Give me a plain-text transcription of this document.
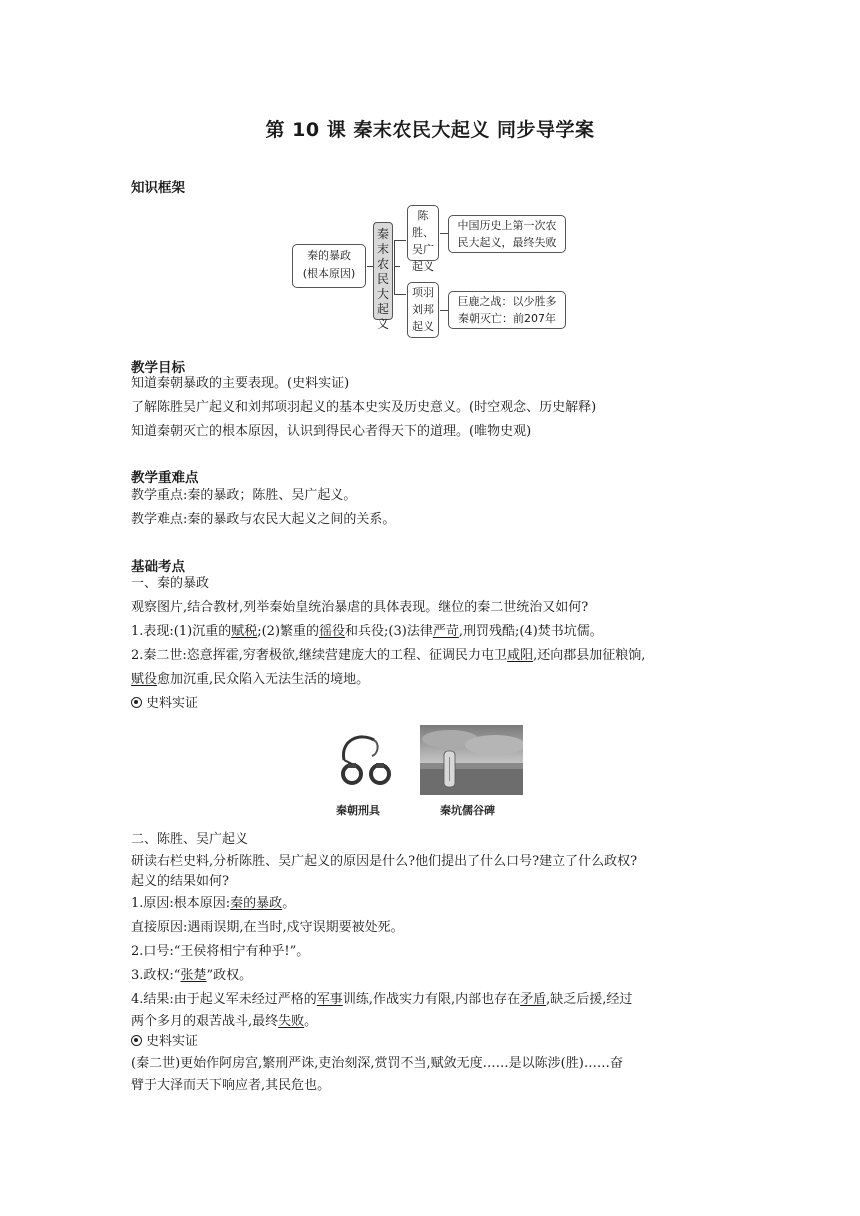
第 10 课 秦末农民大起义 同步导学案
知识框架
秦的暴政
(根本原因)
秦末农民大起义
陈胜、
吴广
起义
中国历史上第一次农
民大起义，最终失败
项羽
刘邦
起义
巨鹿之战：以少胜多
秦朝灭亡：前207年
教学目标
知道秦朝暴政的主要表现。(史料实证)
了解陈胜吴广起义和刘邦项羽起义的基本史实及历史意义。(时空观念、历史解释)
知道秦朝灭亡的根本原因，认识到得民心者得天下的道理。(唯物史观)
教学重难点
教学重点:秦的暴政；陈胜、吴广起义。
教学难点:秦的暴政与农民大起义之间的关系。
基础考点
一、秦的暴政
观察图片,结合教材,列举秦始皇统治暴虐的具体表现。继位的秦二世统治又如何?
1.表现:(1)沉重的赋税;(2)繁重的徭役和兵役;(3)法律严苛,刑罚残酷;(4)焚书坑儒。
2.秦二世:恣意挥霍,穷奢极欲,继续营建庞大的工程、征调民力屯卫咸阳,还向郡县加征粮饷,
赋役愈加沉重,民众陷入无法生活的境地。
史料实证
秦朝刑具	秦坑儒谷碑
二、陈胜、吴广起义
研读右栏史料,分析陈胜、吴广起义的原因是什么?他们提出了什么口号?建立了什么政权?
起义的结果如何?
1.原因:根本原因:秦的暴政。
直接原因:遇雨误期,在当时,戍守误期要被处死。
2.口号:“王侯将相宁有种乎!”。
3.政权:“张楚”政权。
4.结果:由于起义军未经过严格的军事训练,作战实力有限,内部也存在矛盾,缺乏后援,经过
两个多月的艰苦战斗,最终失败。
史料实证
(秦二世)更始作阿房宫,繁刑严诛,吏治刻深,赏罚不当,赋敛无度……是以陈涉(胜)……奋
臂于大泽而天下响应者,其民危也。
